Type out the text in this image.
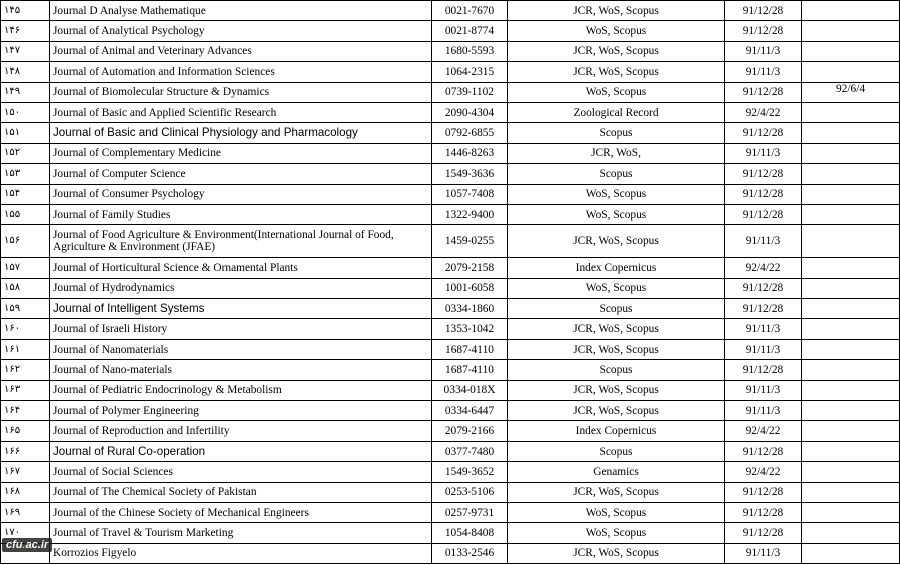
۱۴۵	Journal D Analyse Mathematique	0021-7670	JCR, WoS, Scopus	91/12/28	
۱۴۶	Journal of Analytical Psychology	0021-8774	WoS, Scopus	91/12/28	
۱۴۷	Journal of Animal and Veterinary Advances	1680-5593	JCR, WoS, Scopus	91/11/3	
۱۴۸	Journal of Automation and Information Sciences	1064-2315	JCR, WoS, Scopus	91/11/3	
۱۴۹	Journal of Biomolecular Structure & Dynamics	0739-1102	WoS, Scopus	91/12/28	92/6/4
۱۵۰	Journal of Basic and Applied Scientific Research	2090-4304	Zoological Record	92/4/22	
۱۵۱	Journal of Basic and Clinical Physiology and Pharmacology	0792-6855	Scopus	91/12/28	
۱۵۲	Journal of Complementary Medicine	1446-8263	JCR, WoS,	91/11/3	
۱۵۳	Journal of Computer Science	1549-3636	Scopus	91/12/28	
۱۵۴	Journal of Consumer Psychology	1057-7408	WoS, Scopus	91/12/28	
۱۵۵	Journal of Family Studies	1322-9400	WoS, Scopus	91/12/28	
۱۵۶	Journal of Food Agriculture & Environment(International Journal of Food, Agriculture & Environment (JFAE)	1459-0255	JCR, WoS, Scopus	91/11/3	
۱۵۷	Journal of Horticultural Science & Ornamental Plants	2079-2158	Index Copernicus	92/4/22	
۱۵۸	Journal of Hydrodynamics	1001-6058	WoS, Scopus	91/12/28	
۱۵۹	Journal of Intelligent Systems	0334-1860	Scopus	91/12/28	
۱۶۰	Journal of Israeli History	1353-1042	JCR, WoS, Scopus	91/11/3	
۱۶۱	Journal of Nanomaterials	1687-4110	JCR, WoS, Scopus	91/11/3	
۱۶۲	Journal of Nano-materials	1687-4110	Scopus	91/12/28	
۱۶۳	Journal of Pediatric Endocrinology & Metabolism	0334-018X	JCR, WoS, Scopus	91/11/3	
۱۶۴	Journal of Polymer Engineering	0334-6447	JCR, WoS, Scopus	91/11/3	
۱۶۵	Journal of Reproduction and Infertility	2079-2166	Index Copernicus	92/4/22	
۱۶۶	Journal of Rural Co-operation	0377-7480	Scopus	91/12/28	
۱۶۷	Journal of Social Sciences	1549-3652	Genamics	92/4/22	
۱۶۸	Journal of The Chemical Society of Pakistan	0253-5106	JCR, WoS, Scopus	91/12/28	
۱۶۹	Journal of the Chinese Society of Mechanical Engineers	0257-9731	WoS, Scopus	91/12/28	
۱۷۰	Journal of Travel & Tourism Marketing	1054-8408	WoS, Scopus	91/12/28	
	Korrozios Figyelo	0133-2546	JCR, WoS, Scopus	91/11/3	
cfu.ac.ir
